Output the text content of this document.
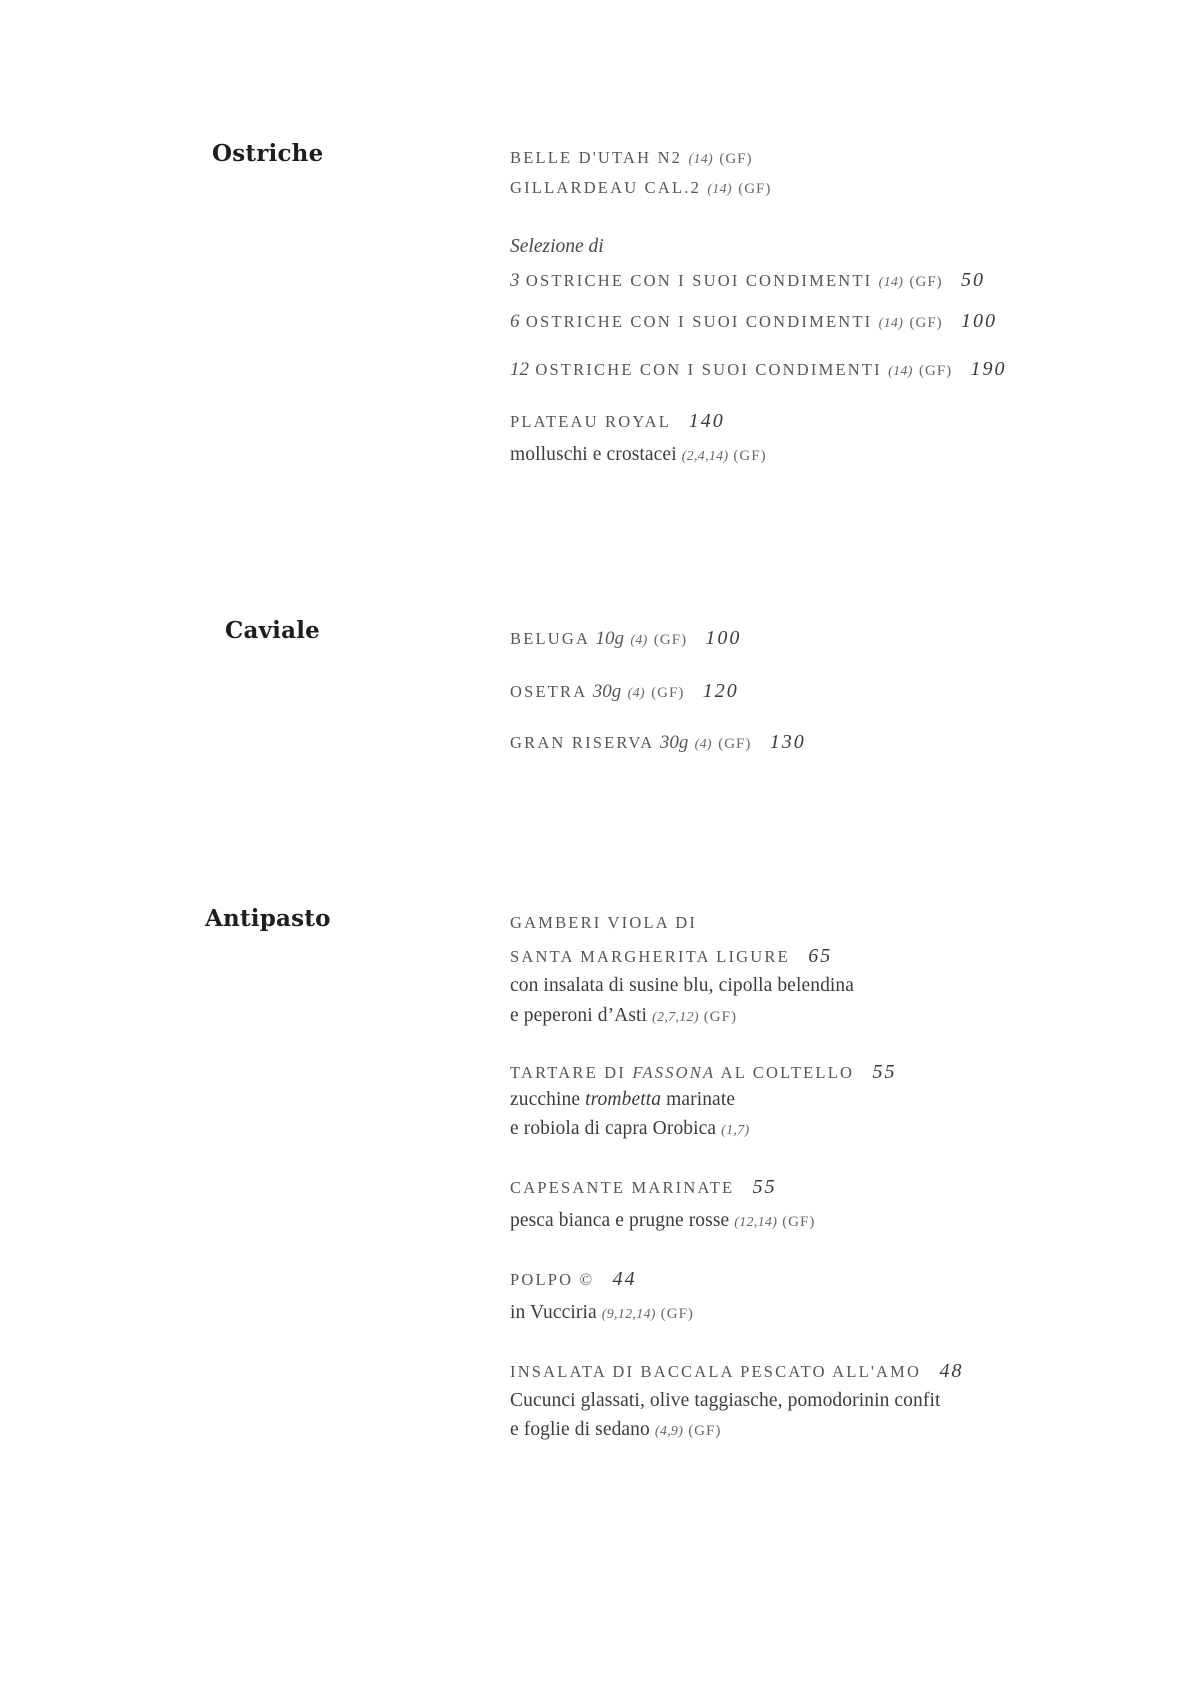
Ostriche	BELLE D'UTAH N2 (14) (GF)

GILLARDEAU CAL.2 (14) (GF)

Selezione di

3 OSTRICHE CON I SUOI CONDIMENTI (14) (GF) 50

6 OSTRICHE CON I SUOI CONDIMENTI (14) (GF) 100

12 OSTRICHE CON I SUOI CONDIMENTI (14) (GF) 190

PLATEAU ROYAL 140

molluschi e crostacei (2,4,14) (GF)

Caviale	BELUGA 10g (4) (GF) 100

OSETRA 30g (4) (GF) 120

GRAN RISERVA 30g (4) (GF) 130

Antipasto	GAMBERI VIOLA DI

SANTA MARGHERITA LIGURE 65

con insalata di susine blu, cipolla belendina

e peperoni d’Asti (2,7,12) (GF)

TARTARE DI FASSONA AL COLTELLO 55

zucchine trombetta marinate

e robiola di capra Orobica (1,7)

CAPESANTE MARINATE 55

pesca bianca e prugne rosse (12,14) (GF)

POLPO © 44

in Vucciria (9,12,14) (GF)

INSALATA DI BACCALA PESCATO ALL'AMO 48

Cucunci glassati, olive taggiasche, pomodorinin confit

e foglie di sedano (4,9) (GF)
